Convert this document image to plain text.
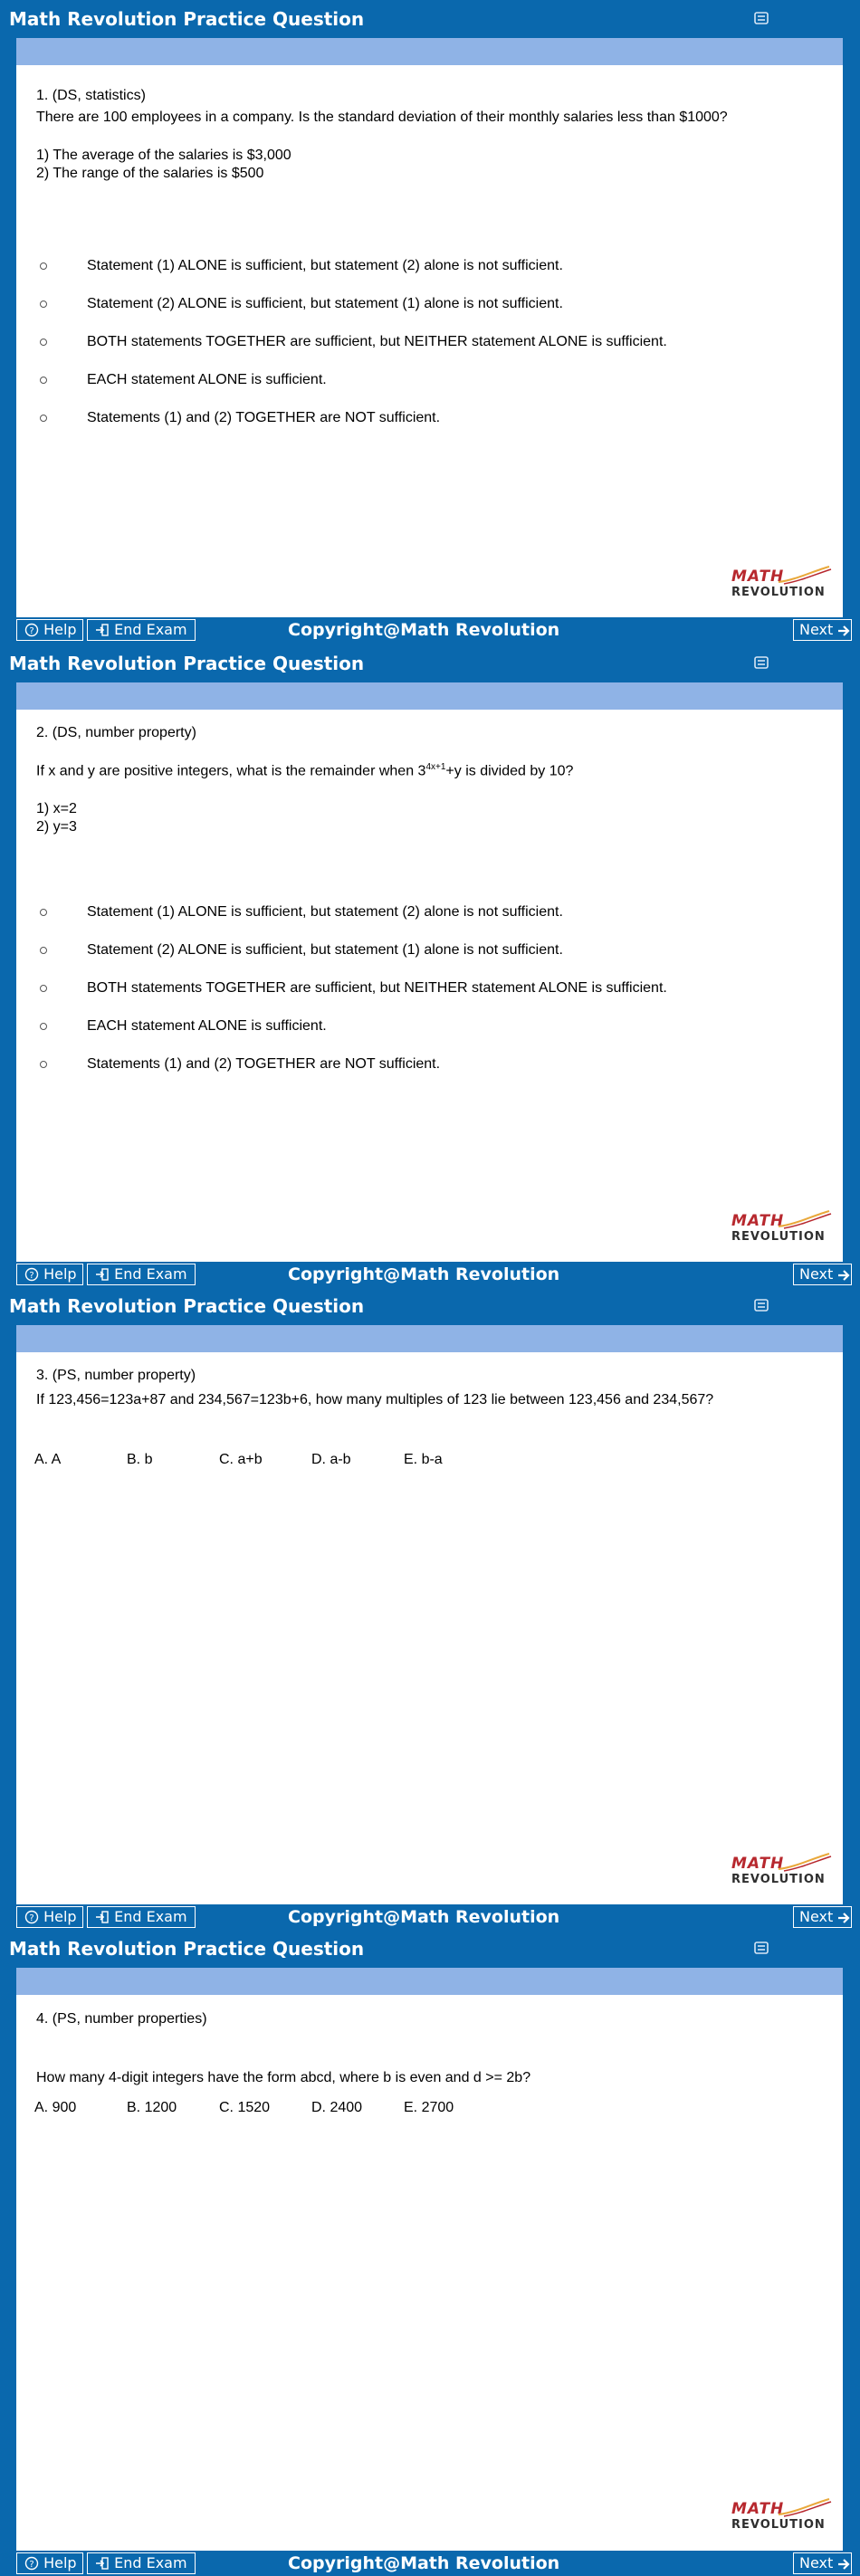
Math Revolution Practice Question
1. (DS, statistics)
There are 100 employees in a company. Is the standard deviation of their monthly salaries less than $1000?
1) The average of the salaries is $3,000
2) The range of the salaries is $500
Statement (1) ALONE is sufficient, but statement (2) alone is not sufficient.
Statement (2) ALONE is sufficient, but statement (1) alone is not sufficient.
BOTH statements TOGETHER are sufficient, but NEITHER statement ALONE is sufficient.
EACH statement ALONE is sufficient.
Statements (1) and (2) TOGETHER are NOT sufficient.
MATH
REVOLUTION
? Help	End Exam	Copyright@Math Revolution	Next
Math Revolution Practice Question
2. (DS, number property)
If x and y are positive integers, what is the remainder when $3^{4x+1}+y$ is divided by 10?
1) x=2
2) y=3
Statement (1) ALONE is sufficient, but statement (2) alone is not sufficient.
Statement (2) ALONE is sufficient, but statement (1) alone is not sufficient.
BOTH statements TOGETHER are sufficient, but NEITHER statement ALONE is sufficient.
EACH statement ALONE is sufficient.
Statements (1) and (2) TOGETHER are NOT sufficient.
MATH
REVOLUTION
? Help	End Exam	Copyright@Math Revolution	Next
Math Revolution Practice Question
3. (PS, number property)
If 123,456=123a+87 and 234,567=123b+6, how many multiples of 123 lie between 123,456 and 234,567?
A. A	B. b	C. a+b	D. a-b	E. b-a
MATH
REVOLUTION
? Help	End Exam	Copyright@Math Revolution	Next
Math Revolution Practice Question
4. (PS, number properties)
How many 4-digit integers have the form abcd, where b is even and d >= 2b?
A. 900	B. 1200	C. 1520	D. 2400	E. 2700
MATH
REVOLUTION
? Help	End Exam	Copyright@Math Revolution	Next
